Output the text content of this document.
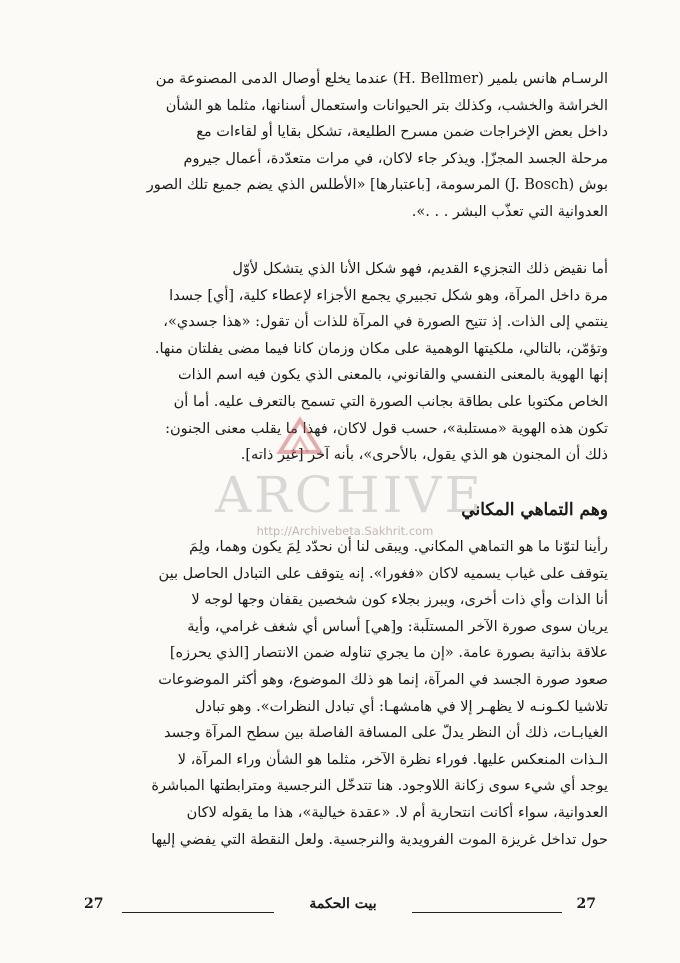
الرسـام هانس بلمير (H. Bellmer) عندما يخلع أوصال الدمى المصنوعة من

الخراشة والخشب، وكذلك بتر الحيوانات واستعمال أسنانها، مثلما هو الشأن

داخل بعض الإخراجات ضمن مسرح الطليعة، تشكل بقايا أو لقاءات مع

مرحلة الجسد المجزّإ. ويذكر جاء لاكان، في مرات متعدّدة، أعمال جيروم

بوش (J. Bosch) المرسومة، [باعتبارها] «الأطلس الذي يضم جميع تلك الصور

العدوانية التي تعذّب البشر . . .».

أما نقيض ذلك التجزيء القديم، فهو شكل الأنا الذي يتشكل لأوّل

مرة داخل المرآة، وهو شكل تجبيري يجمع الأجزاء لإعطاء كلية، [أي] جسدا

ينتمي إلى الذات. إذ تتيح الصورة في المرآة للذات أن تقول: «هذا جسدي»،

وتؤمّن، بالتالي، ملكيتها الوهمية على مكان وزمان كانا فيما مضى يفلتان منها.

إنها الهوية بالمعنى النفسي والقانوني، بالمعنى الذي يكون فيه اسم الذات

الخاص مكتوبا على بطاقة بجانب الصورة التي تسمح بالتعرف عليه. أما أن

تكون هذه الهوية «مستلبة»، حسب قول لاكان، فهذا ما يقلب معنى الجنون:

ذلك أن المجنون هو الذي يقول، بالأحرى»، بأنه آخر [غير ذاته].

ARCHIVE
http://Archivebeta.Sakhrit.com
وهم التماهي المكاني

رأينا لتوّنا ما هو التماهي المكاني. ويبقى لنا أن نحدّد لِمَ يكون وهما، ولِمَ

يتوقف على غياب يسميه لاكان «فغورا». إنه يتوقف على التبادل الحاصل بين

أنا الذات وأي ذات أخرى، ويبرز بجلاء كون شخصين يقفان وجها لوجه لا

يريان سوى صورة الآخر المستلَبة: و[هي] أساس أي شغف غرامي، وأية

علاقة بذاتية بصورة عامة. «إن ما يجري تناوله ضمن الانتصار [الذي يحرزه]

صعود صورة الجسد في المرآة، إنما هو ذلك الموضوع، وهو أكثر الموضوعات

تلاشيا لكـونـه لا يظهـر إلا في هامشهـا: أي تبادل النظرات». وهو تبادل

الغيابـات، ذلك أن النظر يدلّ على المسافة الفاصلة بين سطح المرآة وجسد

الـذات المنعكس عليها. فوراء نظرة الآخر، مثلما هو الشأن وراء المرآة، لا

يوجد أي شيء سوى زكانة اللاوجود. هنا تتدخّل النرجسية ومترابطتها المباشرة

العدوانية، سواء أكانت انتحارية أم لا. «عقدة خيالية»، هذا ما يقوله لاكان

حول تداخل غريزة الموت الفرويدية والنرجسية. ولعل النقطة التي يفضي إليها

27	بيت الحكمة	27
